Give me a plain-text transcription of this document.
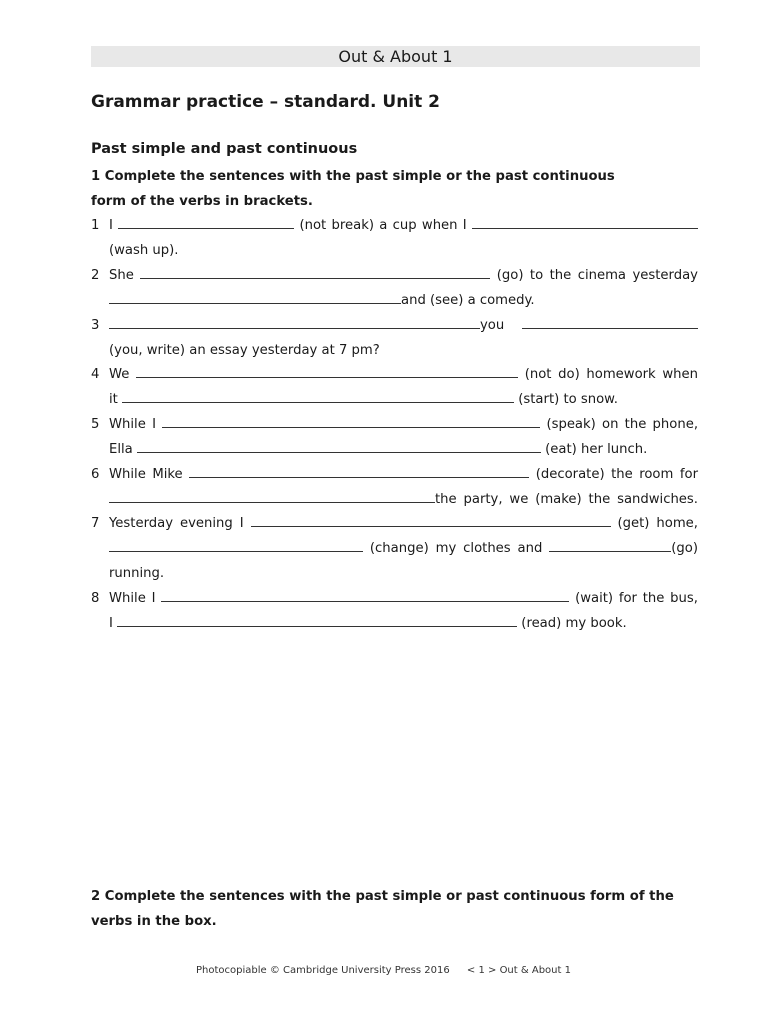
Out & About 1
Grammar practice – standard. Unit 2
Past simple and past continuous
1 Complete the sentences with the past simple or the past continuous form of the verbs in brackets.
1 I	(not break) a cup when I
(wash up).
2 She	(go) to the cinema yesterday
and (see) a comedy.
3	you
(you, write) an essay yesterday at 7 pm?
4 We	(not do) homework when
it	(start) to snow.
5 While I	(speak) on the phone,
Ella	(eat) her lunch.
6 While Mike	(decorate) the room for
the party, we (make) the sandwiches.
7 Yesterday evening I	(get) home,
(change) my clothes and	(go)
running.
8 While I	(wait) for the bus,
I	(read) my book.
2 Complete the sentences with the past simple or past continuous form of the verbs in the box.
Photocopiable © Cambridge University Press 2016 < 1 > Out & About 1
